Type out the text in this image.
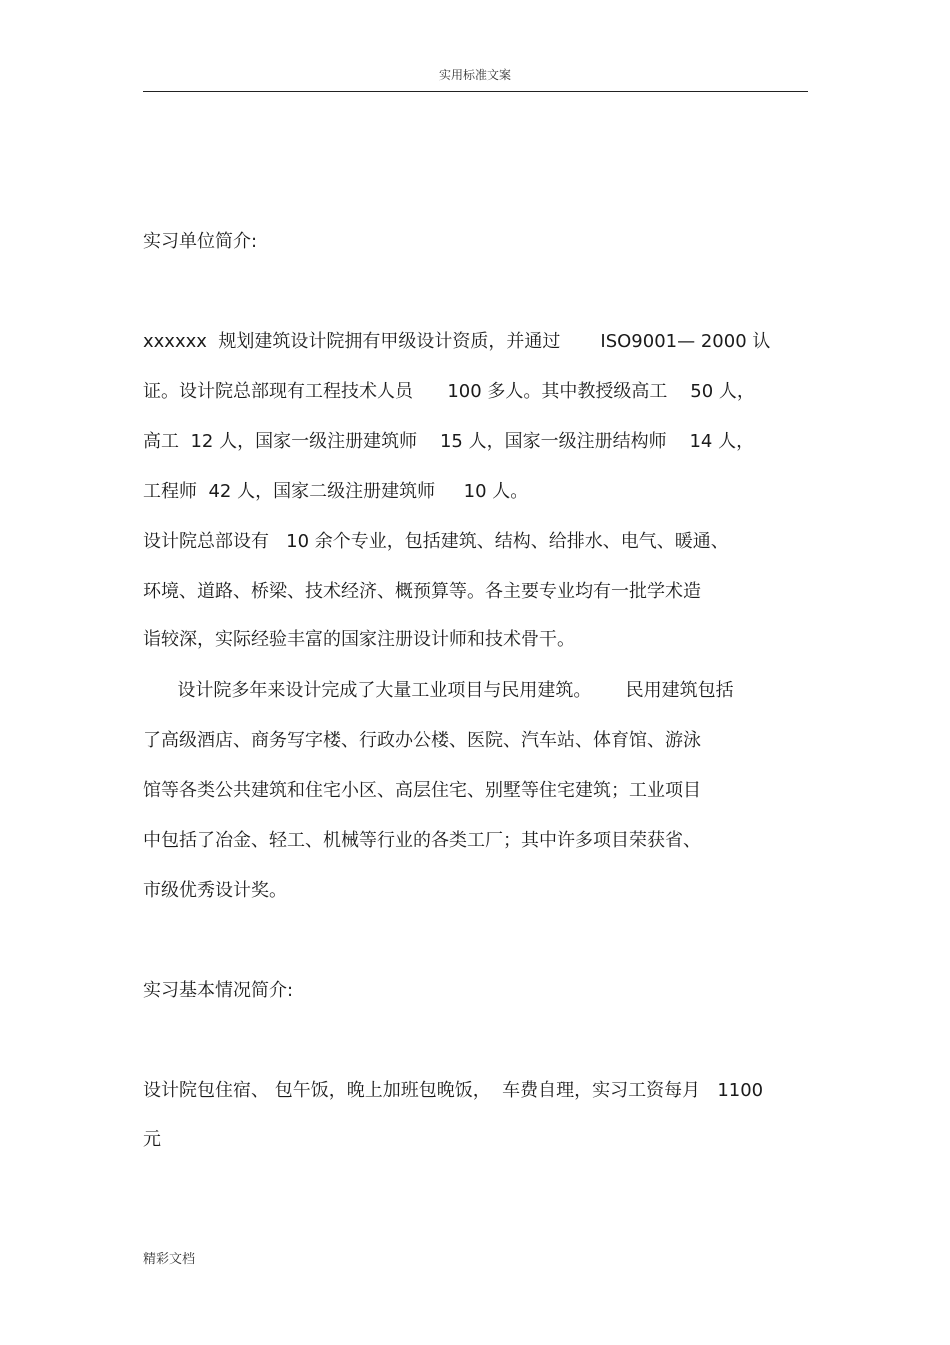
实用标准文案
实习单位简介:
xxxxxx  规划建筑设计院拥有甲级设计资质，并通过       ISO9001— 2000 认
证。设计院总部现有工程技术人员      100 多人。其中教授级高工    50 人，
高工  12 人，国家一级注册建筑师    15 人，国家一级注册结构师    14 人，
工程师  42 人，国家二级注册建筑师     10 人。
设计院总部设有   10 余个专业，包括建筑、结构、给排水、电气、暖通、
环境、道路、桥梁、技术经济、概预算等。各主要专业均有一批学术造
诣较深，实际经验丰富的国家注册设计师和技术骨干。
设计院多年来设计完成了大量工业项目与民用建筑。      民用建筑包括
了高级酒店、商务写字楼、行政办公楼、医院、汽车站、体育馆、游泳
馆等各类公共建筑和住宅小区、高层住宅、别墅等住宅建筑；工业项目
中包括了冶金、轻工、机械等行业的各类工厂；其中许多项目荣获省、
市级优秀设计奖。
实习基本情况简介:
设计院包住宿、 包午饭，晚上加班包晚饭，  车费自理，实习工资每月   1100
元
精彩文档
